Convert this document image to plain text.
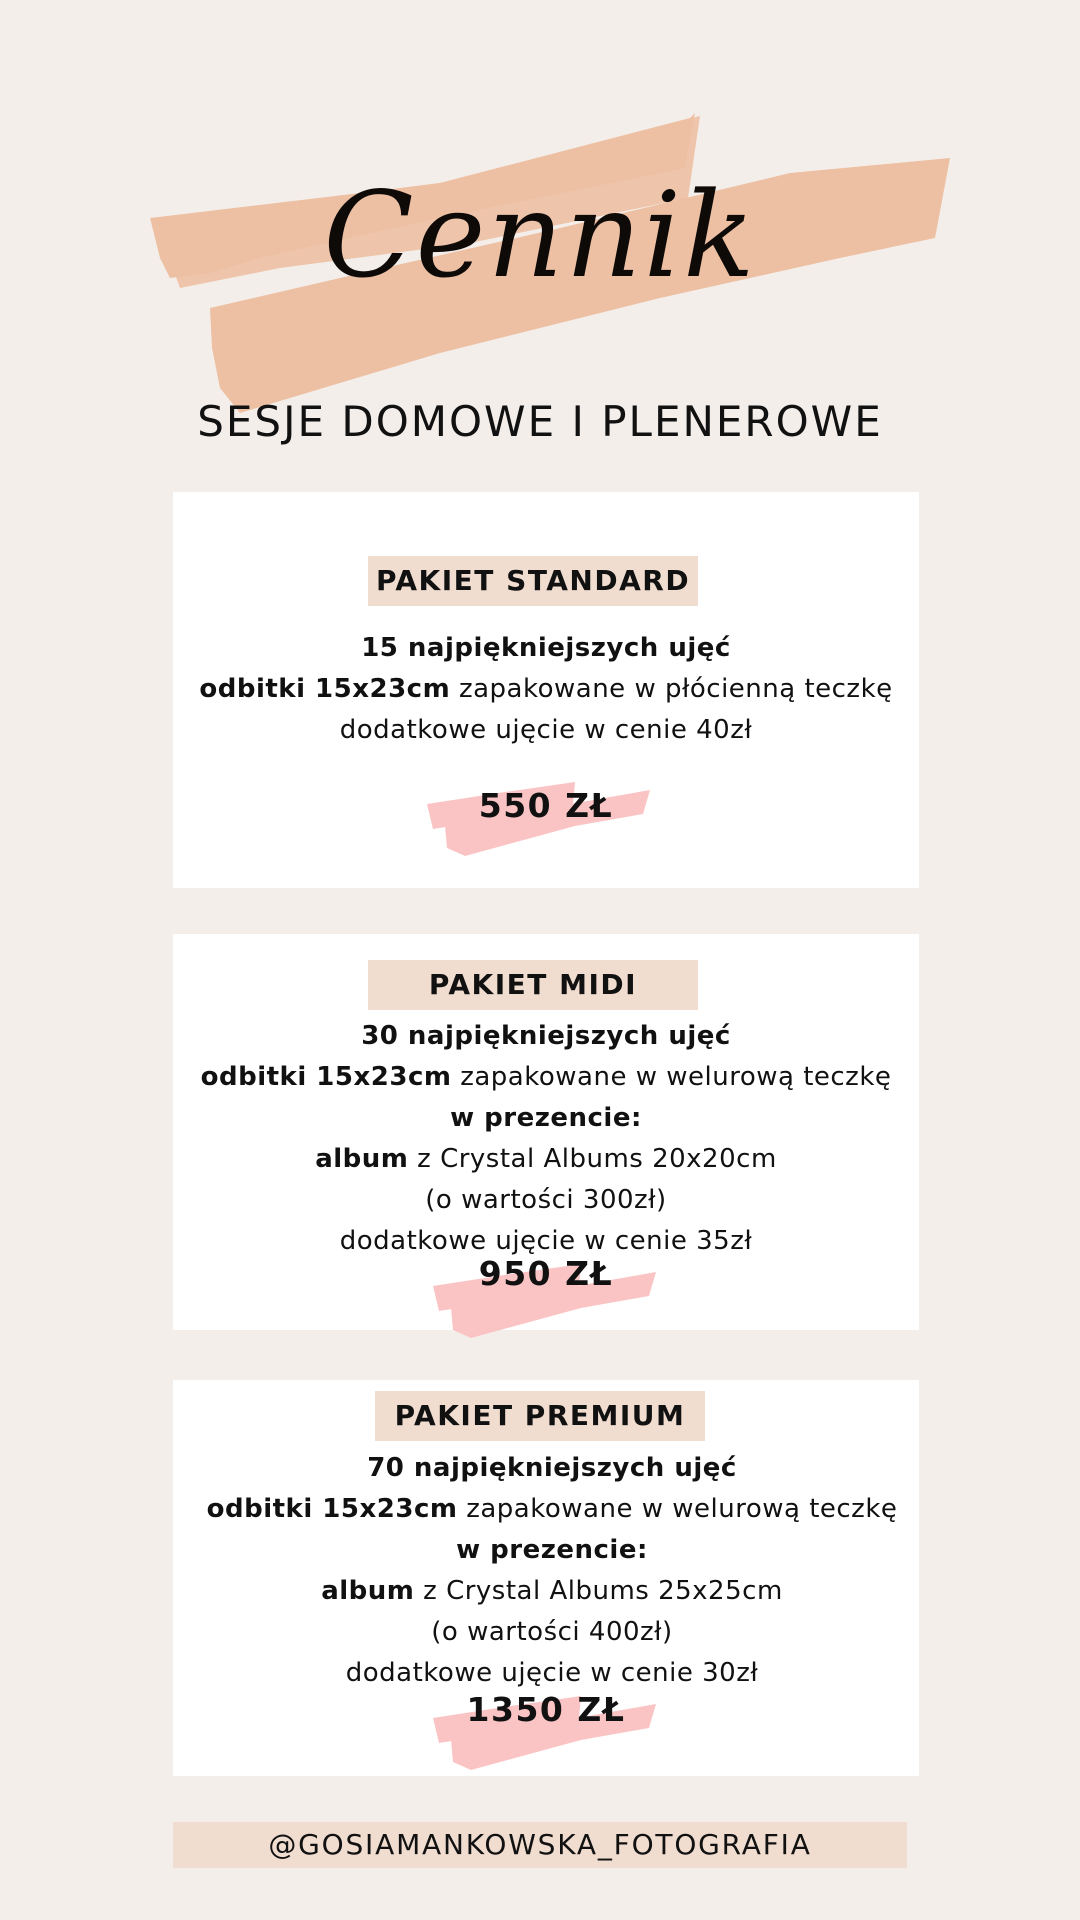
Cennik
SESJE DOMOWE I PLENEROWE
PAKIET STANDARD
15 najpiękniejszych ujęć
odbitki 15x23cm zapakowane w płócienną teczkę
dodatkowe ujęcie w cenie 40zł
550 ZŁ
PAKIET MIDI
30 najpiękniejszych ujęć
odbitki 15x23cm zapakowane w welurową teczkę
w prezencie:
album z Crystal Albums 20x20cm
(o wartości 300zł)
dodatkowe ujęcie w cenie 35zł
950 ZŁ
PAKIET PREMIUM
70 najpiękniejszych ujęć
odbitki 15x23cm zapakowane w welurową teczkę
w prezencie:
album z Crystal Albums 25x25cm
(o wartości 400zł)
dodatkowe ujęcie w cenie 30zł
1350 ZŁ
@GOSIAMANKOWSKA_FOTOGRAFIA
